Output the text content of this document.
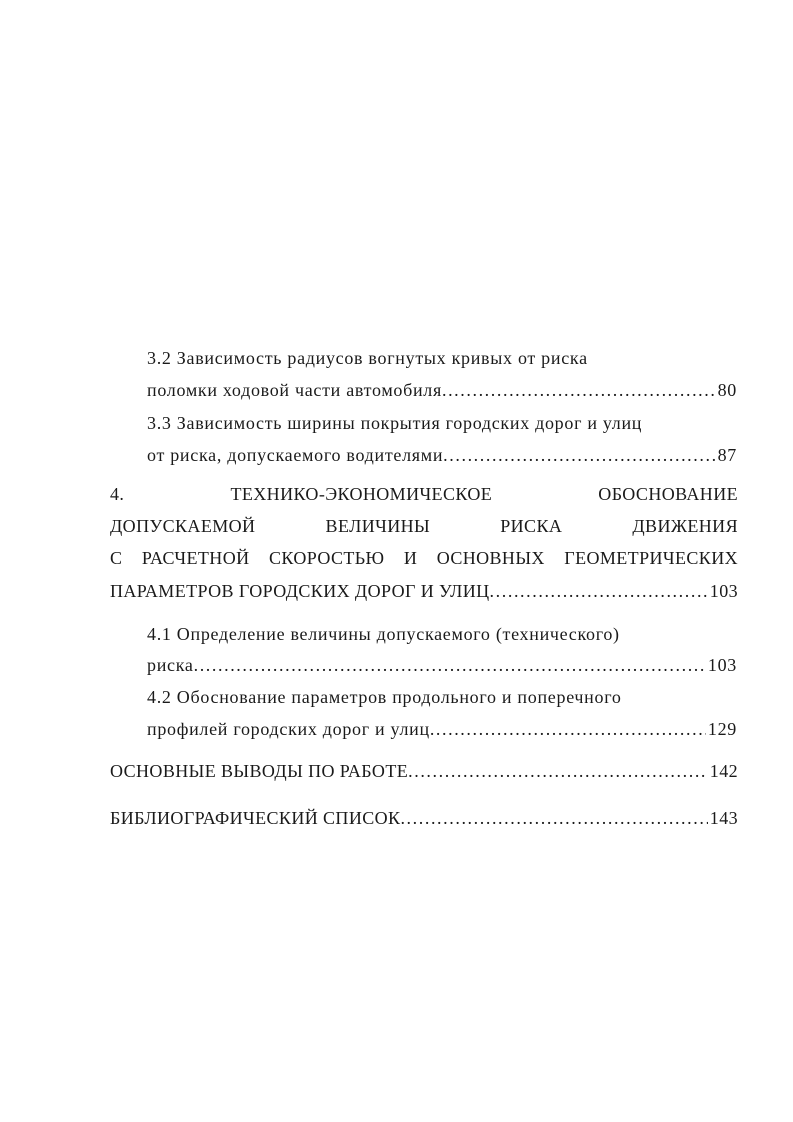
3.2 Зависимость радиусов вогнутых кривых от риска
поломки ходовой части автомобиля .....	80
3.3 Зависимость ширины покрытия городских дорог и улиц
от риска, допускаемого водителями .....	87
4.	ТЕХНИКО-ЭКОНОМИЧЕСКОЕ	ОБОСНОВАНИЕ
ДОПУСКАЕМОЙ	ВЕЛИЧИНЫ	РИСКА	ДВИЖЕНИЯ
С РАСЧЕТНОЙ СКОРОСТЬЮ И ОСНОВНЫХ ГЕОМЕТРИЧЕСКИХ
ПАРАМЕТРОВ ГОРОДСКИХ ДОРОГ И УЛИЦ .....	103
4.1 Определение величины допускаемого (технического)
риска .....	103
4.2 Обоснование параметров продольного и поперечного
профилей городских дорог и улиц .....	129
ОСНОВНЫЕ ВЫВОДЫ ПО РАБОТЕ .....	142
БИБЛИОГРАФИЧЕСКИЙ СПИСОК .....	143
